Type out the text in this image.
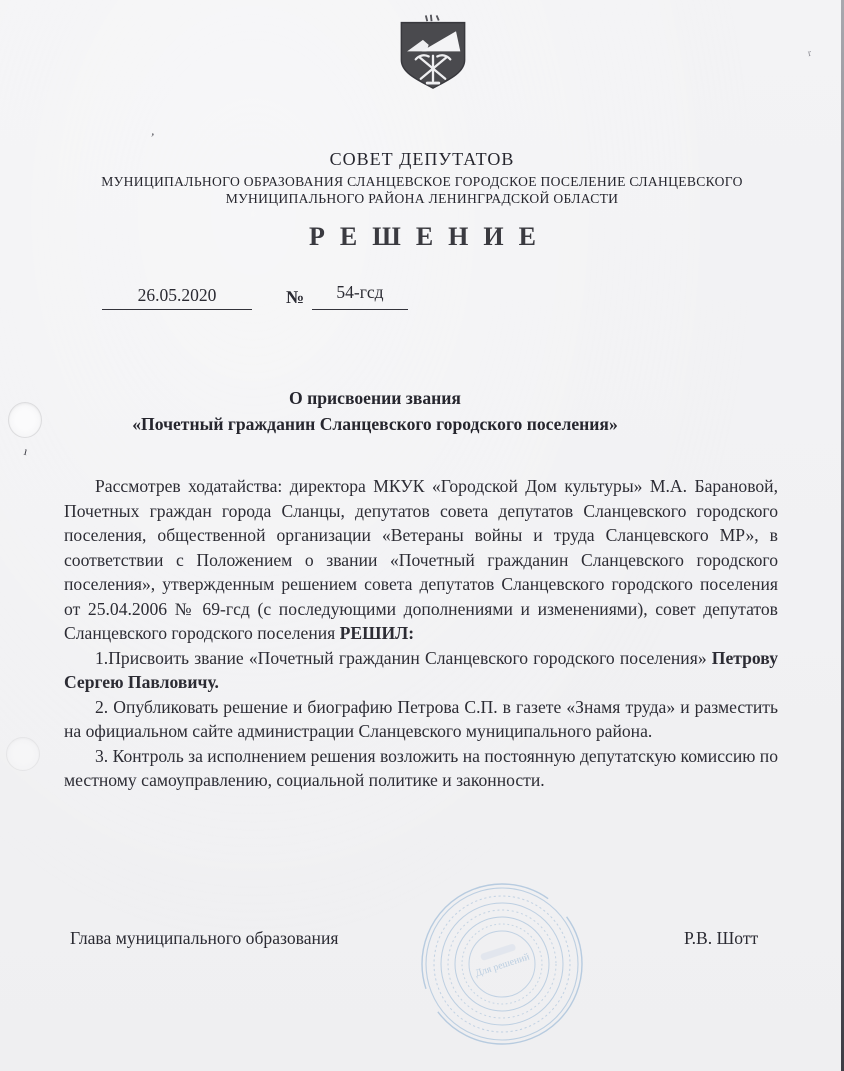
СОВЕТ ДЕПУТАТОВ
МУНИЦИПАЛЬНОГО ОБРАЗОВАНИЯ СЛАНЦЕВСКОЕ ГОРОДСКОЕ ПОСЕЛЕНИЕ СЛАНЦЕВСКОГО
МУНИЦИПАЛЬНОГО РАЙОНА ЛЕНИНГРАДСКОЙ ОБЛАСТИ
РЕШЕНИЕ
26.05.2020	№	54-гсд
О присвоении звания
«Почетный гражданин Сланцевского городского поселения»

Рассмотрев ходатайства: директора МКУК «Городской Дом культуры» М.А. Барановой, Почетных граждан города Сланцы, депутатов совета депутатов Сланцевского городского поселения, общественной организации «Ветераны войны и труда Сланцевского МР», в соответствии с Положением о звании «Почетный гражданин Сланцевского городского поселения», утвержденным решением совета депутатов Сланцевского городского поселения от 25.04.2006 № 69-гсд (с последующими дополнениями и изменениями), совет депутатов Сланцевского городского поселения РЕШИЛ:

1.Присвоить звание «Почетный гражданин Сланцевского городского поселения» Петрову Сергею Павловичу.

2. Опубликовать решение и биографию Петрова С.П. в газете «Знамя труда» и разместить на официальном сайте администрации Сланцевского муниципального района.

3. Контроль за исполнением решения возложить на постоянную депутатскую комиссию по местному самоуправлению, социальной политике и законности.

Глава муниципального образования	Р.В. Шотт
Для решений
’
ı
r
